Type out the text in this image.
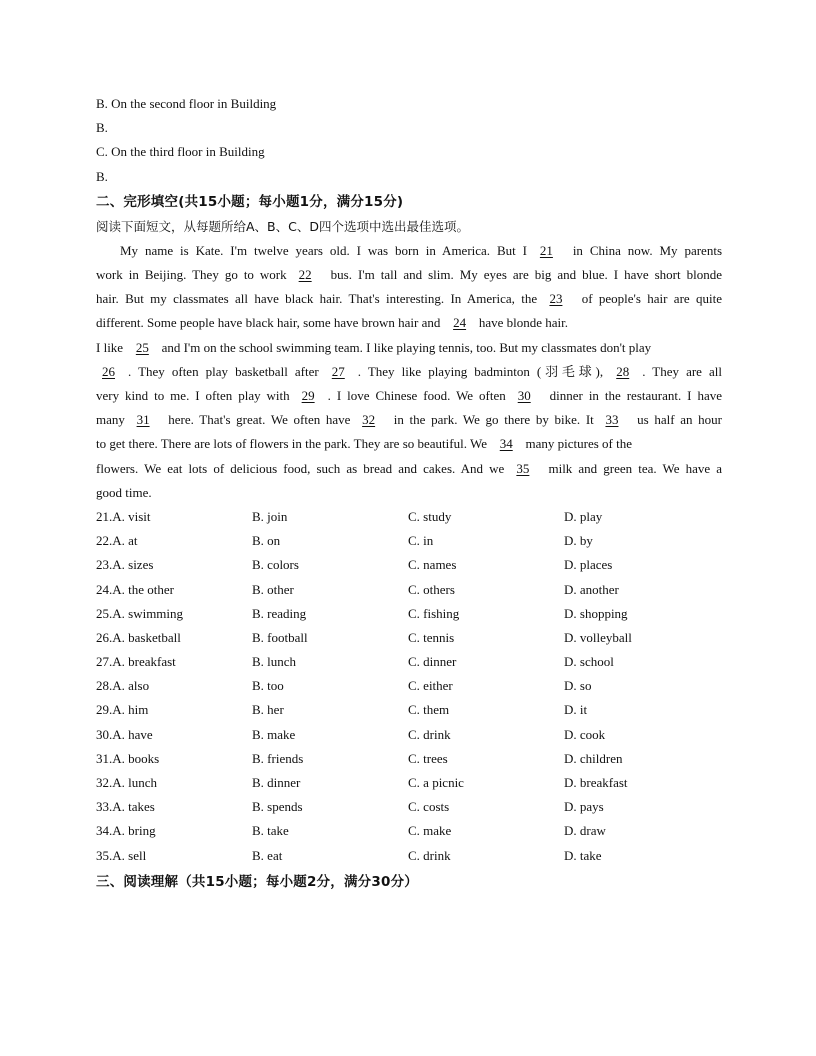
B. On the second floor in Building
B.
C. On the third floor in Building
B.
二、完形填空(共15小题；每小题1分，满分15分)
阅读下面短文，从每题所给A、B、C、D四个选项中选出最佳选项。
My name is Kate. I'm twelve years old. I was born in America. But I 21 in China now. My parents
work in Beijing. They go to work 22 bus. I'm tall and slim. My eyes are big and blue. I have short blonde
hair. But my classmates all have black hair. That's interesting. In America, the 23 of people's hair are quite
different. Some people have black hair, some have brown hair and 24 have blonde hair.
I like 25 and I'm on the school swimming team. I like playing tennis, too. But my classmates don't play
26 . They often play basketball after 27 . They like playing badminton (羽毛球), 28 . They are all
very kind to me. I often play with 29 . I love Chinese food. We often 30 dinner in the restaurant. I have
many 31 here. That's great. We often have 32 in the park. We go there by bike. It 33 us half an hour
to get there. There are lots of flowers in the park. They are so beautiful. We 34 many pictures of the
flowers. We eat lots of delicious food, such as bread and cakes. And we 35 milk and green tea. We have a
good time.
21.A. visit	B. join	C. study	D. play
22.A. at	B. on	C. in	D. by
23.A. sizes	B. colors	C. names	D. places
24.A. the other	B. other	C. others	D. another
25.A. swimming	B. reading	C. fishing	D. shopping
26.A. basketball	B. football	C. tennis	D. volleyball
27.A. breakfast	B. lunch	C. dinner	D. school
28.A. also	B. too	C. either	D. so
29.A. him	B. her	C. them	D. it
30.A. have	B. make	C. drink	D. cook
31.A. books	B. friends	C. trees	D. children
32.A. lunch	B. dinner	C. a picnic	D. breakfast
33.A. takes	B. spends	C. costs	D. pays
34.A. bring	B. take	C. make	D. draw
35.A. sell	B. eat	C. drink	D. take
三、阅读理解（共15小题；每小题2分，满分30分）
